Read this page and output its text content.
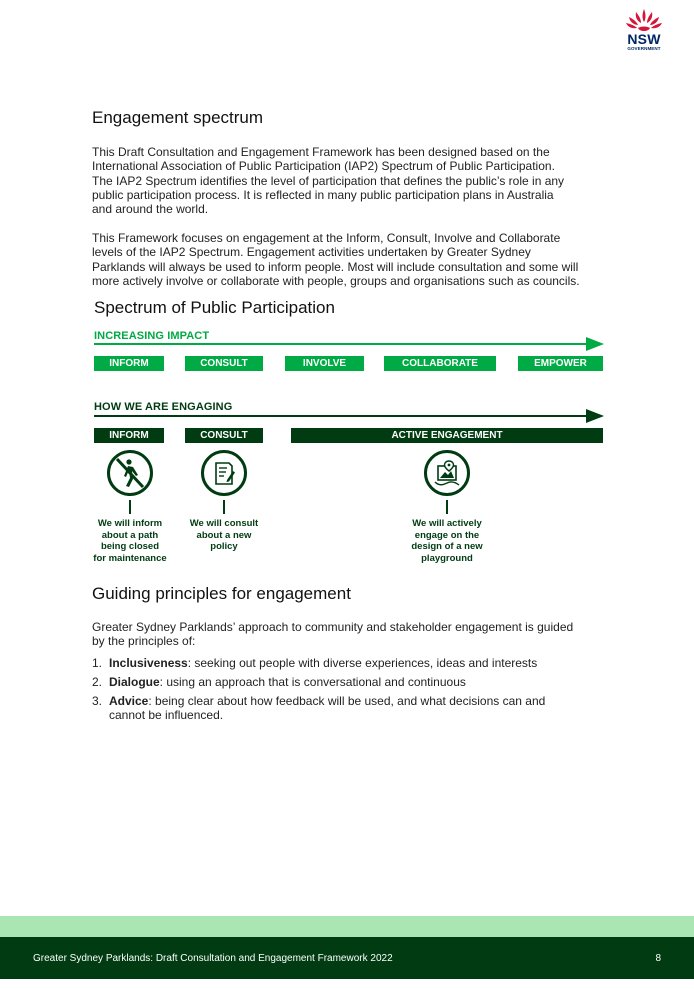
NSW
GOVERNMENT
Engagement spectrum
This Draft Consultation and Engagement Framework has been designed based on the
International Association of Public Participation (IAP2) Spectrum of Public Participation.
The IAP2 Spectrum identifies the level of participation that defines the public’s role in any
public participation process. It is reflected in many public participation plans in Australia
and around the world.
This Framework focuses on engagement at the Inform, Consult, Involve and Collaborate
levels of the IAP2 Spectrum. Engagement activities undertaken by Greater Sydney
Parklands will always be used to inform people. Most will include consultation and some will
more actively involve or collaborate with people, groups and organisations such as councils.
Spectrum of Public Participation
INCREASING IMPACT
INFORM	CONSULT	INVOLVE	COLLABORATE	EMPOWER
HOW WE ARE ENGAGING
INFORM	CONSULT	ACTIVE ENGAGEMENT
We will inform
about a path
being closed
for maintenance
We will consult
about a new
policy
We will actively
engage on the
design of a new
playground
Guiding principles for engagement
Greater Sydney Parklands’ approach to community and stakeholder engagement is guided
by the principles of:
1. Inclusiveness: seeking out people with diverse experiences, ideas and interests
2. Dialogue: using an approach that is conversational and continuous
3. Advice: being clear about how feedback will be used, and what decisions can and
cannot be influenced.
Greater Sydney Parklands: Draft Consultation and Engagement Framework 2022	8
